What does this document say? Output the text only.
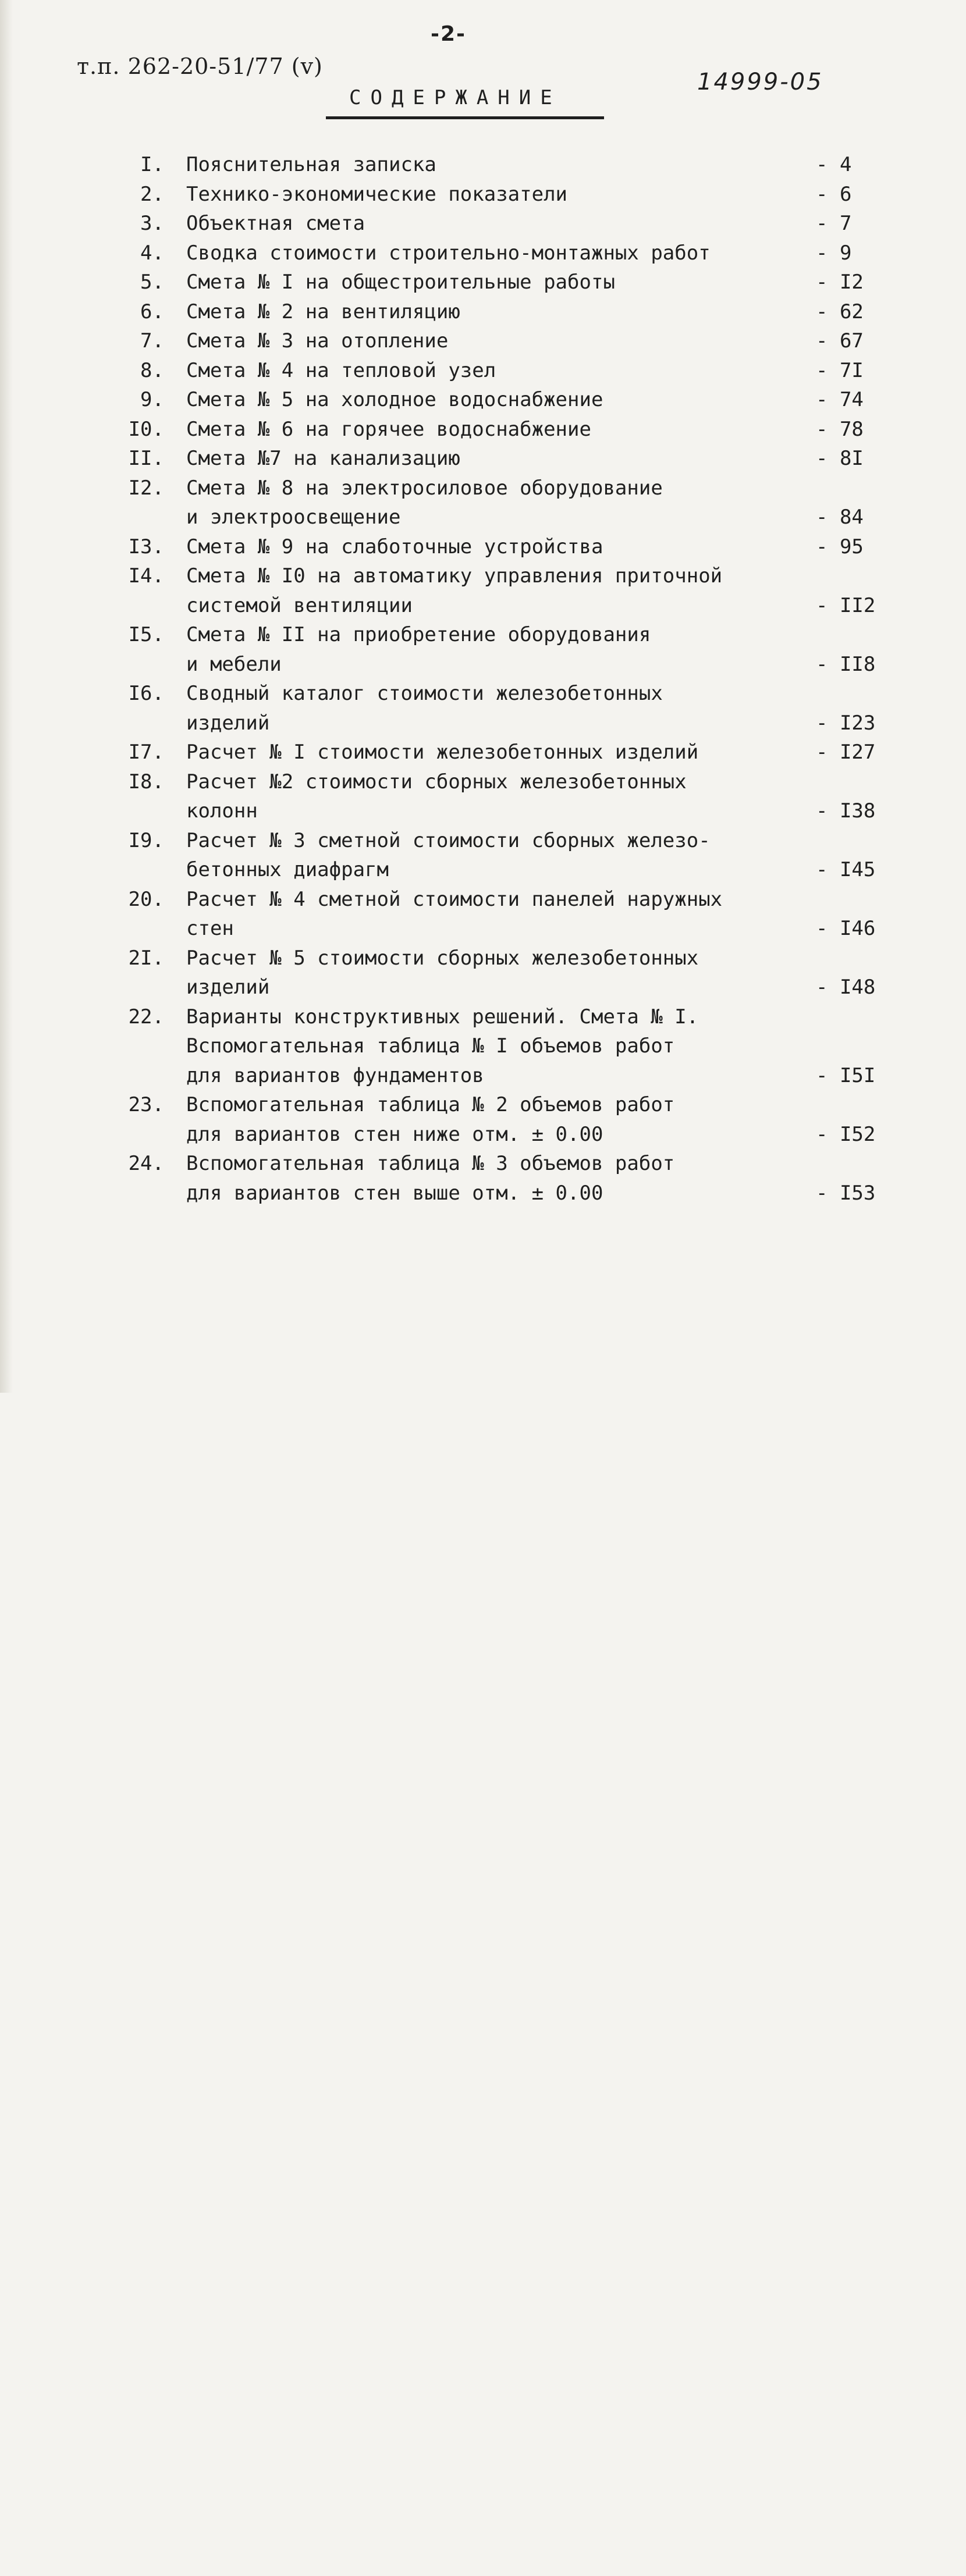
-2-
т.п. 262-20-51/77 (v)
14999-05
СОДЕРЖАНИЕ
I. Пояснительная записка	- 4
2. Технико-экономические показатели	- 6
3. Объектная смета	- 7
4. Сводка стоимости строительно-монтажных работ	- 9
5. Смета № I на общестроительные работы	- I2
6. Смета № 2 на вентиляцию	- 62
7. Смета № 3 на отопление	- 67
8. Смета № 4 на тепловой узел	- 7I
9. Смета № 5 на холодное водоснабжение	- 74
I0. Смета № 6 на горячее водоснабжение	- 78
II. Смета №7 на канализацию	- 8I
I2. Смета № 8 на электросиловое оборудование
и электроосвещение	- 84
I3. Смета № 9 на слаботочные устройства	- 95
I4. Смета № I0 на автоматику управления приточной
системой вентиляции	- II2
I5. Смета № II на приобретение оборудования
и мебели	- II8
I6. Сводный каталог стоимости железобетонных
изделий	- I23
I7. Расчет № I стоимости железобетонных изделий	- I27
I8. Расчет №2 стоимости сборных железобетонных
колонн	- I38
I9. Расчет № 3 сметной стоимости сборных железо-
бетонных диафрагм	- I45
20. Расчет № 4 сметной стоимости панелей наружных
стен	- I46
2I. Расчет № 5 стоимости сборных железобетонных
изделий	- I48
22. Варианты конструктивных решений. Смета № I.
Вспомогательная таблица № I объемов работ
для вариантов фундаментов	- I5I
23. Вспомогательная таблица № 2 объемов работ
для вариантов стен ниже отм. ± 0.00	- I52
24. Вспомогательная таблица № 3 объемов работ
для вариантов стен выше отм. ± 0.00	- I53
